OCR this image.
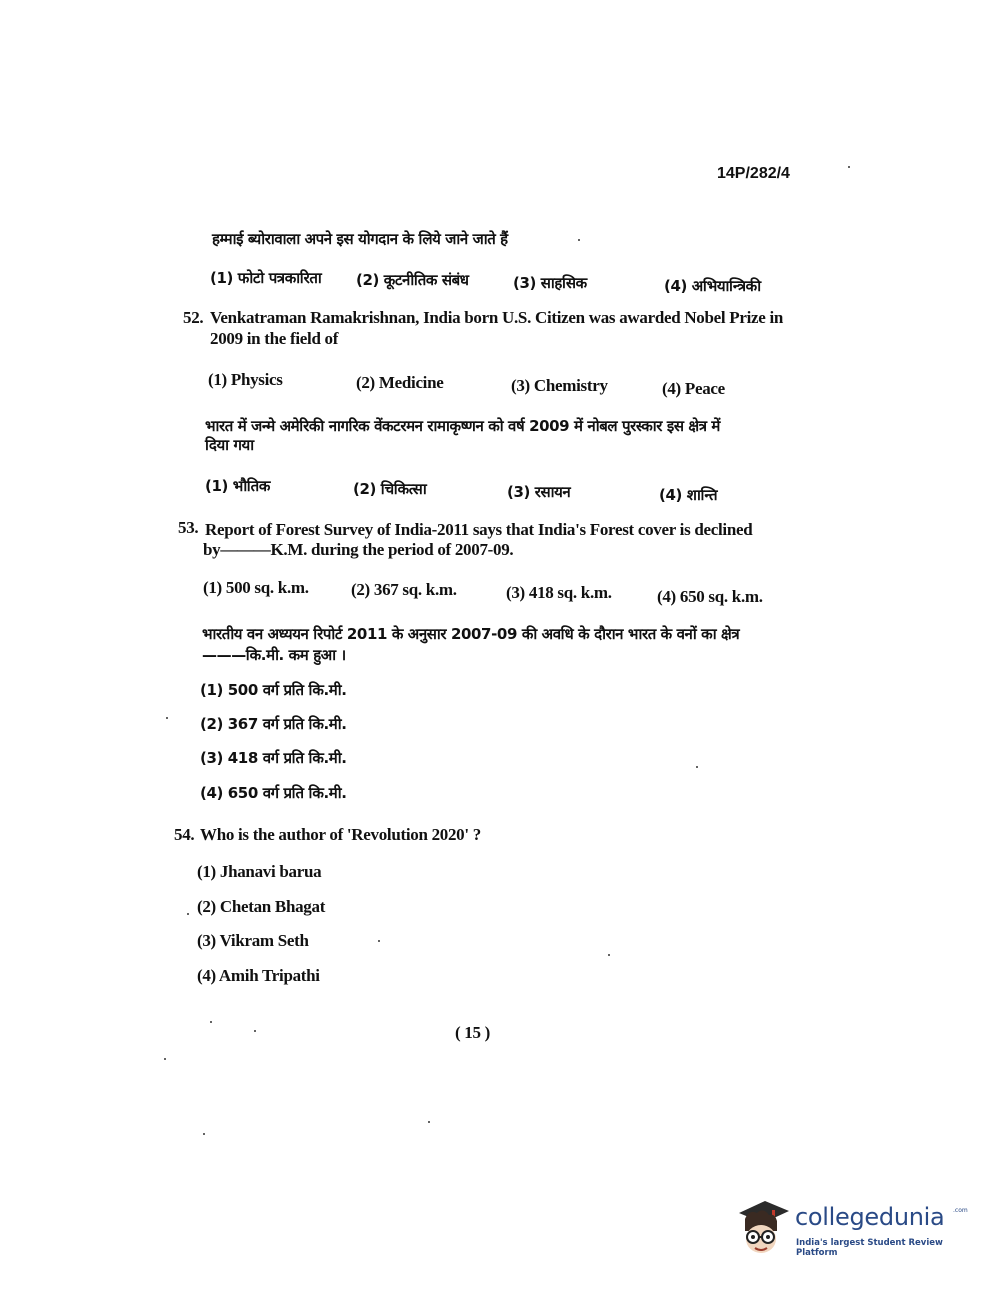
14P/282/4
हम्माई ब्योरावाला अपने इस योगदान के लिये जाने जाते हैं
(1) फोटो पत्रकारिता (2) कूटनीतिक संबंध	(3) साहसिक	(4) अभियान्त्रिकी
52. Venkatraman Ramakrishnan, India born U.S. Citizen was awarded Nobel Prize in
2009 in the field of
(1) Physics	(2) Medicine	(3) Chemistry	(4) Peace
भारत में जन्मे अमेरिकी नागरिक वेंकटरमन रामाकृष्णन को वर्ष 2009 में नोबल पुरस्कार इस क्षेत्र में
दिया गया
(1) भौतिक	(2) चिकित्सा	(3) रसायन	(4) शान्ति
53. Report of Forest Survey of India-2011 says that India's Forest cover is declined
by———K.M. during the period of 2007-09.
(1) 500 sq. k.m. (2) 367 sq. k.m.	(3) 418 sq. k.m.	(4) 650 sq. k.m.
भारतीय वन अध्ययन रिपोर्ट 2011 के अनुसार 2007-09 की अवधि के दौरान भारत के वनों का क्षेत्र
———कि.मी. कम हुआ ।
(1) 500 वर्ग प्रति कि.मी.
(2) 367 वर्ग प्रति कि.मी.
(3) 418 वर्ग प्रति कि.मी.
(4) 650 वर्ग प्रति कि.मी.
54. Who is the author of 'Revolution 2020' ?
(1) Jhanavi barua
(2) Chetan Bhagat
(3) Vikram Seth
(4) Amih Tripathi
( 15 )
collegedunia .com
India's largest Student Review Platform
